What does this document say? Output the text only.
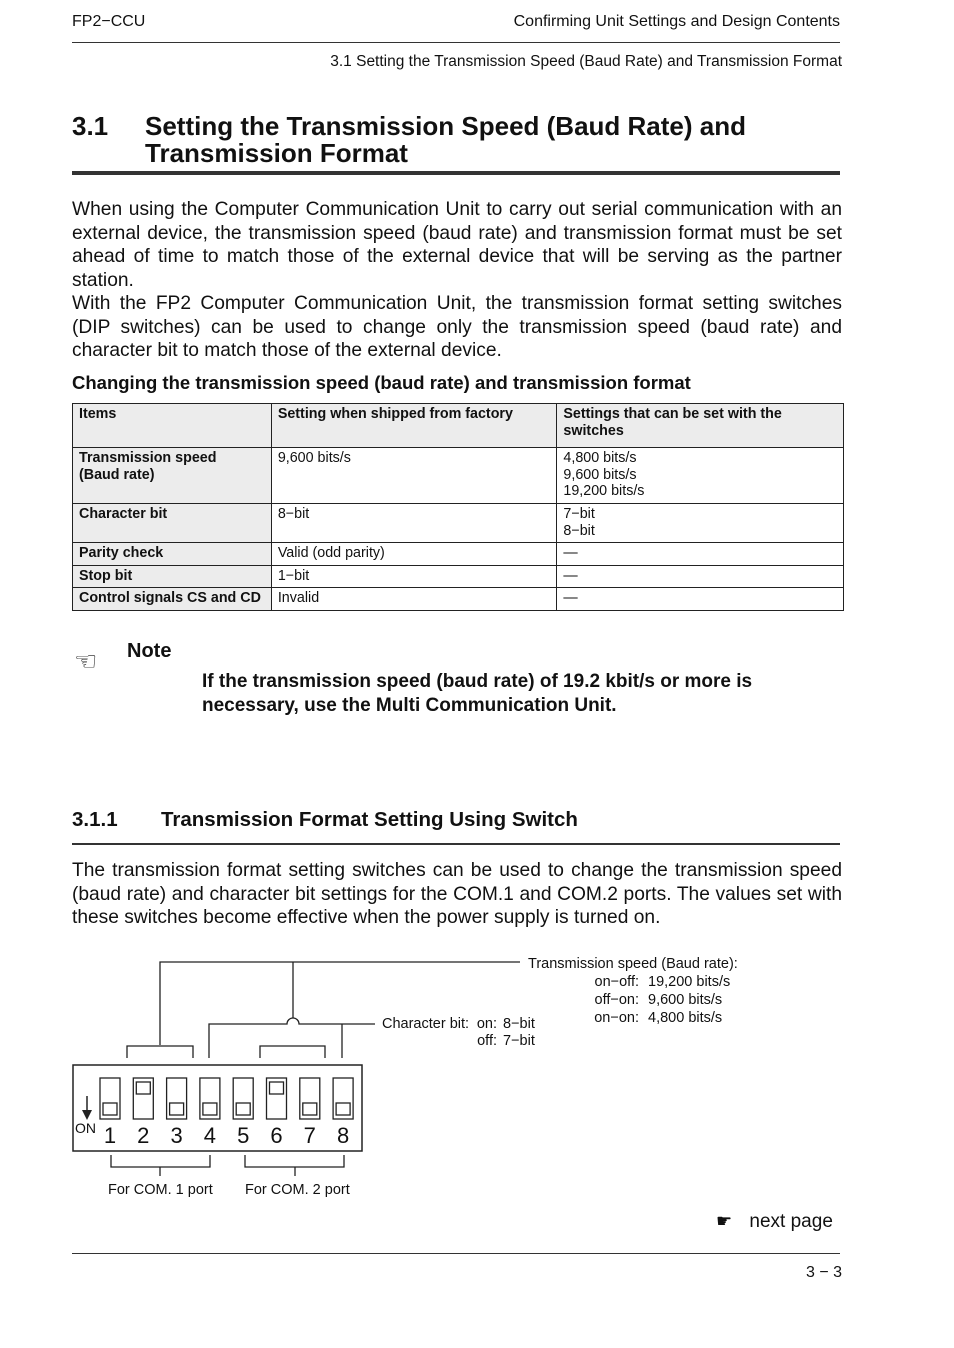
FP2−CCU	Confirming Unit Settings and Design Contents
3.1 Setting the Transmission Speed (Baud Rate) and Transmission Format
3.1 Setting the Transmission Speed (Baud Rate) and Transmission Format

When using the Computer Communication Unit to carry out serial communication with an external device, the transmission speed (baud rate) and transmission format must be set ahead of time to match those of the external device that will be serving as the partner station.

With the FP2 Computer Communication Unit, the transmission format setting switches (DIP switches) can be used to change only the transmission speed (baud rate) and character bit to match those of the external device.

Changing the transmission speed (baud rate) and transmission format
Items	Setting when shipped from factory	Settings that can be set with the switches
Transmission speed
(Baud rate)	9,600 bits/s	4,800 bits/s
9,600 bits/s
19,200 bits/s
Character bit	8−bit	7−bit
8−bit
Parity check	Valid (odd parity)	—
Stop bit	1−bit	—
Control signals CS and CD	Invalid	—
☜ Note
If the transmission speed (baud rate) of 19.2 kbit/s or more is necessary, use the Multi Communication Unit.
3.1.1 Transmission Format Setting Using Switch

The transmission format setting switches can be used to change the transmission speed (baud rate) and character bit settings for the COM.1 and COM.2 ports. The values set with these switches become effective when the power supply is turned on.

ON 1 2 3 4 5 6 7 8
Transmission speed (Baud rate):
on−off: 19,200 bits/s
off−on: 9,600 bits/s
on−on: 4,800 bits/s
Character bit: on: 8−bit
off: 7−bit
For COM. 1 port For COM. 2 port
☛ next page
3 − 3
